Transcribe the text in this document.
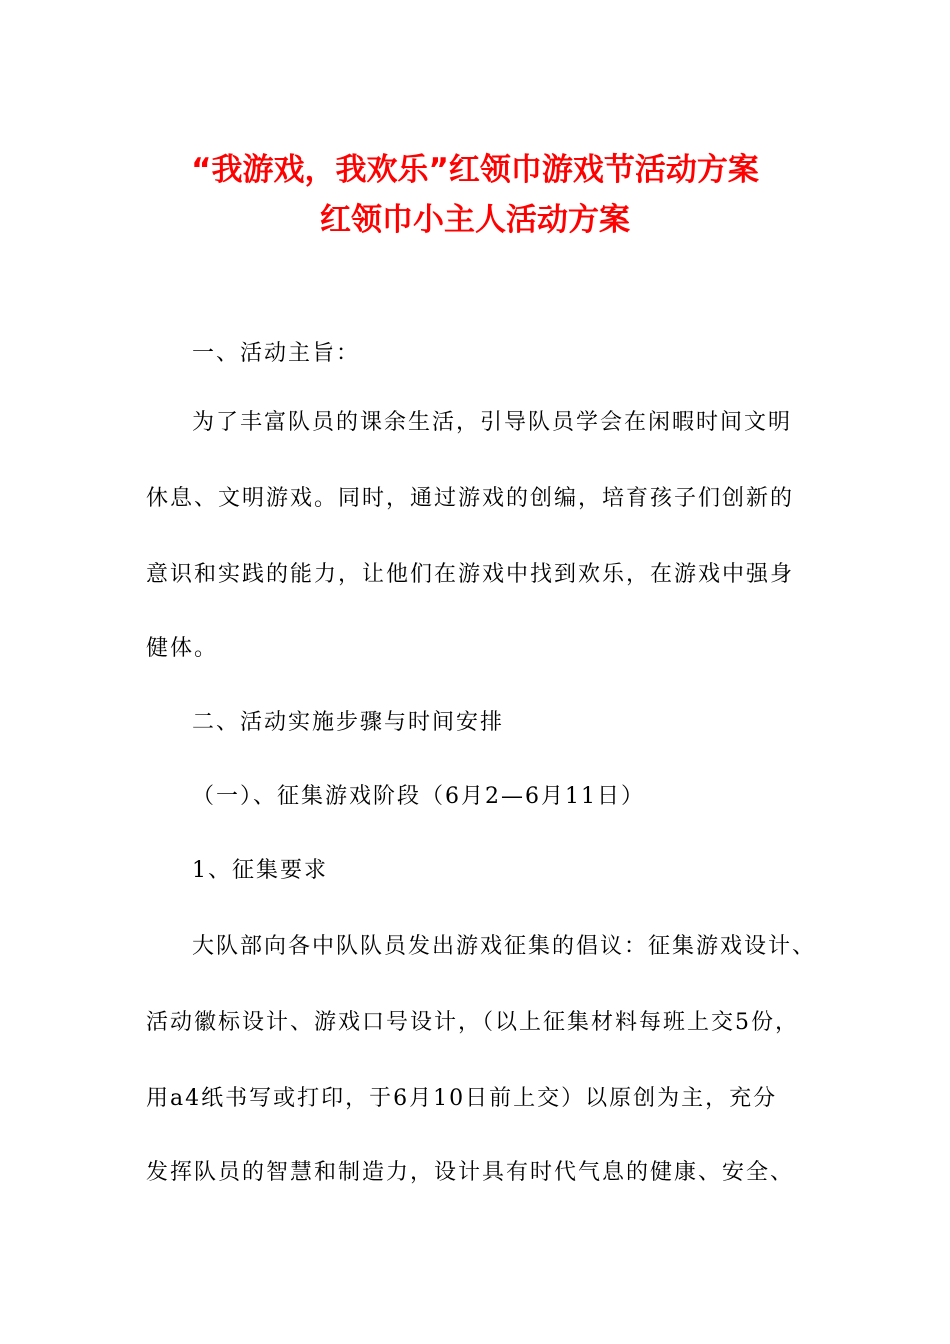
“我游戏，我欢乐”红领巾游戏节活动方案
红领巾小主人活动方案
一、活动主旨：
为了丰富队员的课余生活，引导队员学会在闲暇时间文明
休息、文明游戏。同时，通过游戏的创编，培育孩子们创新的
意识和实践的能力，让他们在游戏中找到欢乐，在游戏中强身
健体。
二、活动实施步骤与时间安排
（一）、征集游戏阶段（6月2—6月11日）
1、征集要求
大队部向各中队队员发出游戏征集的倡议：征集游戏设计、
活动徽标设计、游戏口号设计，（以上征集材料每班上交5份，
用a4纸书写或打印，于6月10日前上交）以原创为主，充分
发挥队员的智慧和制造力，设计具有时代气息的健康、安全、
